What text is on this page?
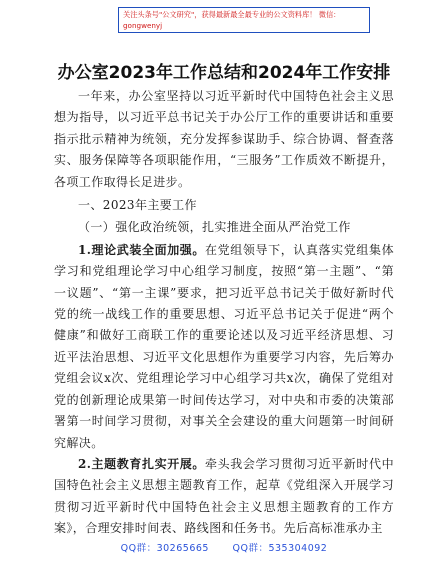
关注头条号"公文研究"，获得最新最全最专业的公文资料库！ 微信：gongwenyj
办公室2023年工作总结和2024年工作安排

一年来，办公室坚持以习近平新时代中国特色社会主义思想为指导，以习近平总书记关于办公厅工作的重要讲话和重要指示批示精神为统领，充分发挥参谋助手、综合协调、督查落实、服务保障等各项职能作用，“三服务”工作质效不断提升，各项工作取得长足进步。

一、2023年主要工作

（一）强化政治统领，扎实推进全面从严治党工作

1.理论武装全面加强。在党组领导下，认真落实党组集体学习和党组理论学习中心组学习制度，按照“第一主题”、“第一议题”、“第一主课”要求，把习近平总书记关于做好新时代党的统一战线工作的重要思想、习近平总书记关于促进“两个健康”和做好工商联工作的重要论述以及习近平经济思想、习近平法治思想、习近平文化思想作为重要学习内容，先后筹办党组会议x次、党组理论学习中心组学习共x次，确保了党组对党的创新理论成果第一时间传达学习，对中央和市委的决策部署第一时间学习贯彻，对事关全会建设的重大问题第一时间研究解决。

2.主题教育扎实开展。牵头我会学习贯彻习近平新时代中国特色社会主义思想主题教育工作，起草《党组深入开展学习贯彻习近平新时代中国特色社会主义思想主题教育的工作方案》，合理安排时间表、路线图和任务书。先后高标准承办主

QQ群：30265665 QQ群：535304092
